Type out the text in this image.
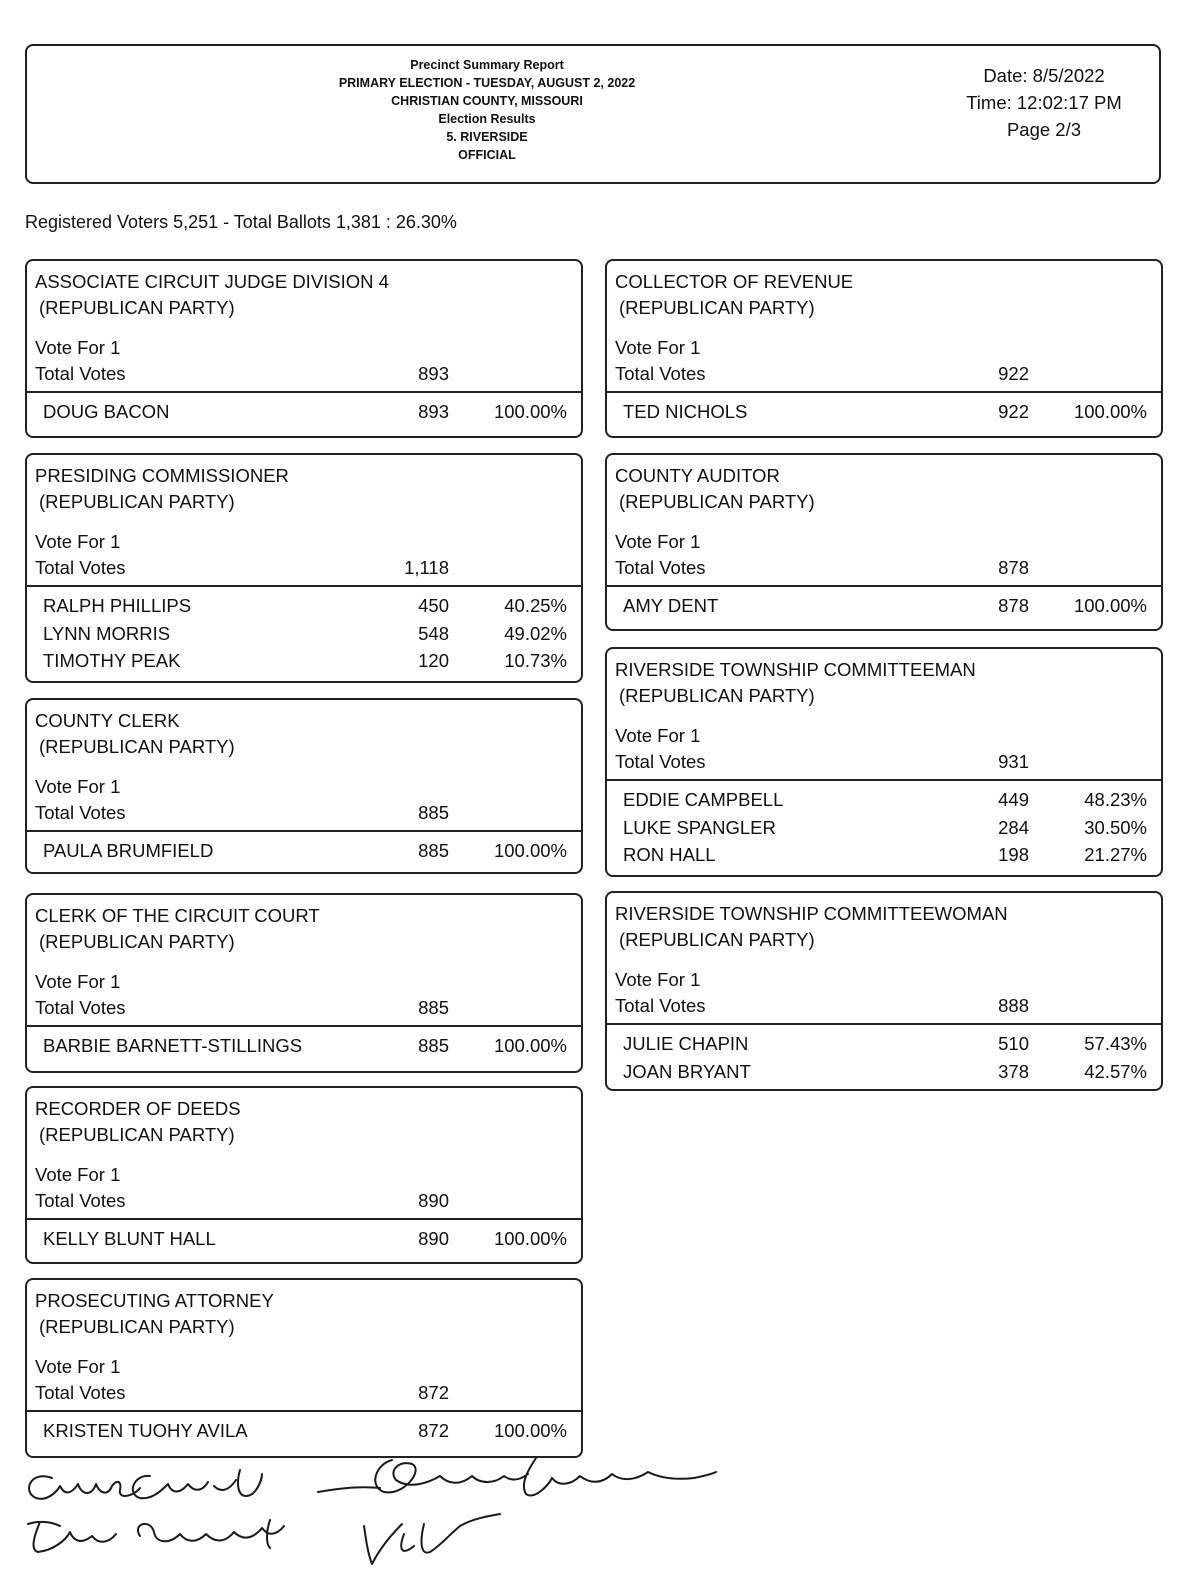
Precinct Summary Report
PRIMARY ELECTION - TUESDAY, AUGUST 2, 2022
CHRISTIAN COUNTY, MISSOURI
Election Results
5. RIVERSIDE
OFFICIAL
Date: 8/5/2022
Time: 12:02:17 PM
Page 2/3
Registered Voters 5,251 - Total Ballots 1,381 : 26.30%
ASSOCIATE CIRCUIT JUDGE DIVISION 4
(REPUBLICAN PARTY)
Vote For 1
Total Votes	893
DOUG BACON	893 100.00%
PRESIDING COMMISSIONER
(REPUBLICAN PARTY)
Vote For 1
Total Votes	1,118
RALPH PHILLIPS	450	40.25%
LYNN MORRIS	548	49.02%
TIMOTHY PEAK	120	10.73%
COUNTY CLERK
(REPUBLICAN PARTY)
Vote For 1
Total Votes	885
PAULA BRUMFIELD	885 100.00%
CLERK OF THE CIRCUIT COURT
(REPUBLICAN PARTY)
Vote For 1
Total Votes	885
BARBIE BARNETT-STILLINGS	885 100.00%
RECORDER OF DEEDS
(REPUBLICAN PARTY)
Vote For 1
Total Votes	890
KELLY BLUNT HALL	890 100.00%
PROSECUTING ATTORNEY
(REPUBLICAN PARTY)
Vote For 1
Total Votes	872
KRISTEN TUOHY AVILA	872 100.00%
COLLECTOR OF REVENUE
(REPUBLICAN PARTY)
Vote For 1
Total Votes	922
TED NICHOLS	922 100.00%
COUNTY AUDITOR
(REPUBLICAN PARTY)
Vote For 1
Total Votes	878
AMY DENT	878 100.00%
RIVERSIDE TOWNSHIP COMMITTEEMAN
(REPUBLICAN PARTY)
Vote For 1
Total Votes	931
EDDIE CAMPBELL	449	48.23%
LUKE SPANGLER	284	30.50%
RON HALL	198	21.27%
RIVERSIDE TOWNSHIP COMMITTEEWOMAN
(REPUBLICAN PARTY)
Vote For 1
Total Votes	888
JULIE CHAPIN	510	57.43%
JOAN BRYANT	378	42.57%
